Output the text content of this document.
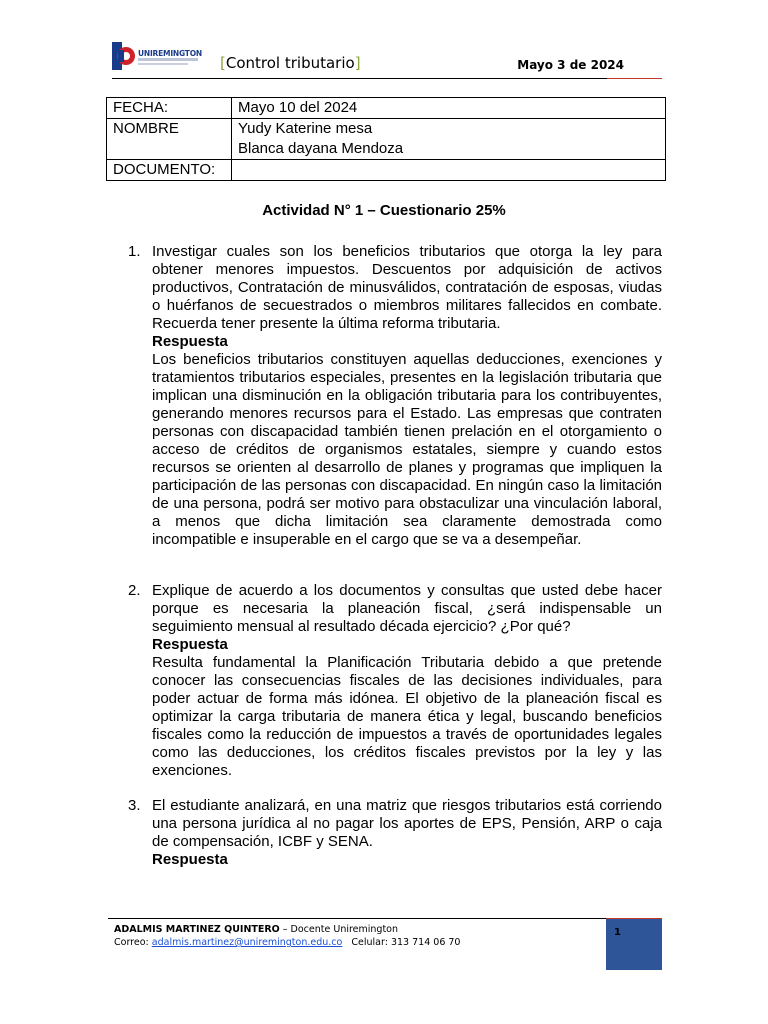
UNIREMINGTON
[Control tributario]	Mayo 3 de 2024
FECHA:	Mayo 10 del 2024
NOMBRE	Yudy Katerine mesa
Blanca dayana Mendoza

DOCUMENTO:	
Actividad N° 1 – Cuestionario 25%
1. Investigar cuales son los beneficios tributarios que otorga la ley para obtener menores impuestos. Descuentos por adquisición de activos productivos, Contratación de minusválidos, contratación de esposas, viudas o huérfanos de secuestrados o miembros militares fallecidos en combate. Recuerda tener presente la última reforma tributaria.

Respuesta

Los beneficios tributarios constituyen aquellas deducciones, exenciones y tratamientos tributarios especiales, presentes en la legislación tributaria que implican una disminución en la obligación tributaria para los contribuyentes, generando menores recursos para el Estado. Las empresas que contraten personas con discapacidad también tienen prelación en el otorgamiento o acceso de créditos de organismos estatales, siempre y cuando estos recursos se orienten al desarrollo de planes y programas que impliquen la participación de las personas con discapacidad. En ningún caso la limitación de una persona, podrá ser motivo para obstaculizar una vinculación laboral, a menos que dicha limitación sea claramente demostrada como incompatible e insuperable en el cargo que se va a desempeñar.

2. Explique de acuerdo a los documentos y consultas que usted debe hacer porque es necesaria la planeación fiscal, ¿será indispensable un seguimiento mensual al resultado década ejercicio? ¿Por qué?

Respuesta

Resulta fundamental la Planificación Tributaria debido a que pretende conocer las consecuencias fiscales de las decisiones individuales, para poder actuar de forma más idónea. El objetivo de la planeación fiscal es optimizar la carga tributaria de manera ética y legal, buscando beneficios fiscales como la reducción de impuestos a través de oportunidades legales como las deducciones, los créditos fiscales previstos por la ley y las exenciones.

3. El estudiante analizará, en una matriz que riesgos tributarios está corriendo una persona jurídica al no pagar los aportes de EPS, Pensión, ARP o caja de compensación, ICBF y SENA.

Respuesta

ADALMIS MARTINEZ QUINTERO – Docente Uniremington
Correo: adalmis.martinez@uniremington.edu.co Celular: 313 714 06 70
1
